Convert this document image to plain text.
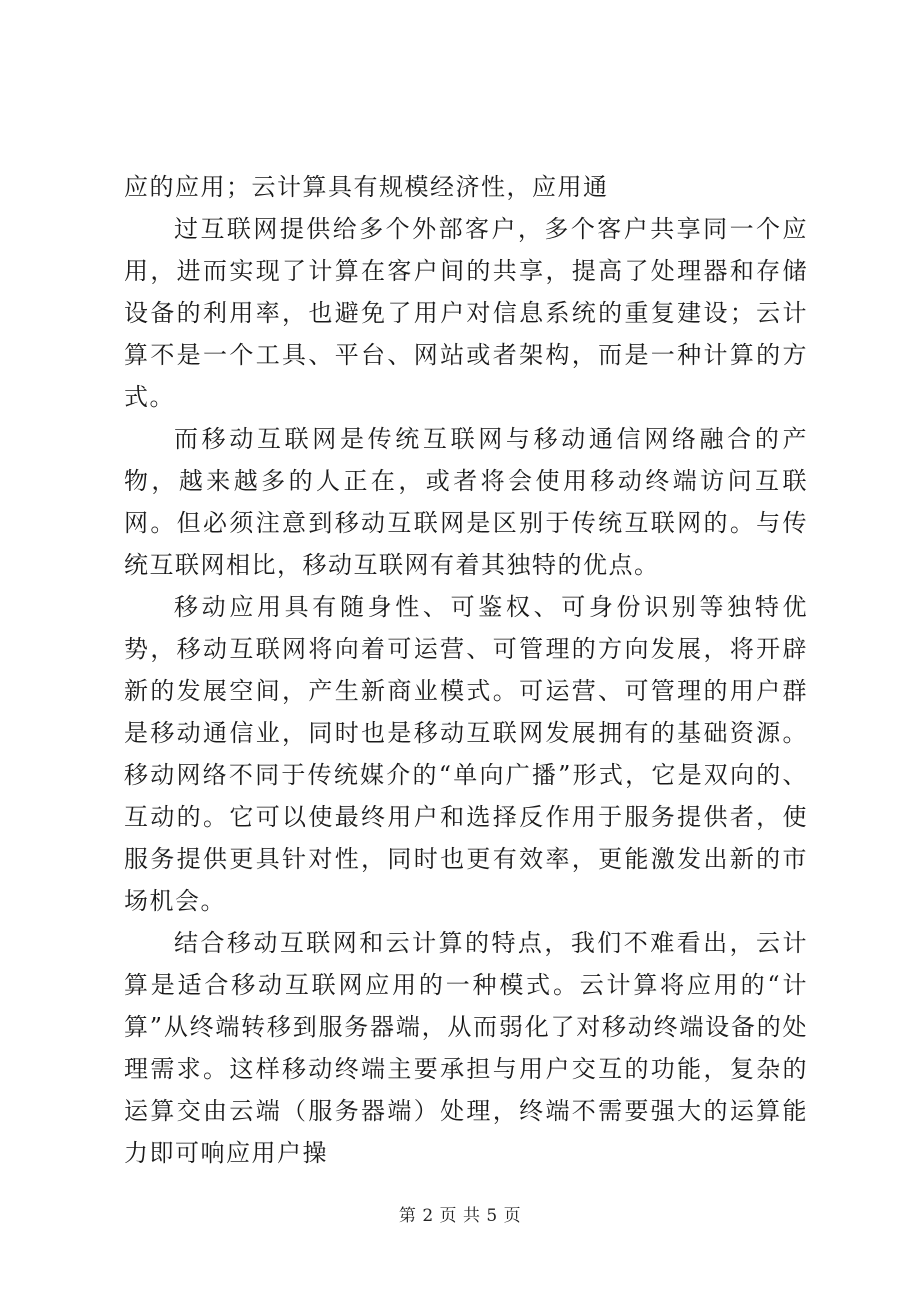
应的应用；云计算具有规模经济性，应用通

过互联网提供给多个外部客户，多个客户共享同一个应用，进而实现了计算在客户间的共享，提高了处理器和存储设备的利用率，也避免了用户对信息系统的重复建设；云计算不是一个工具、平台、网站或者架构，而是一种计算的方式。

而移动互联网是传统互联网与移动通信网络融合的产物，越来越多的人正在，或者将会使用移动终端访问互联网。但必须注意到移动互联网是区别于传统互联网的。与传统互联网相比，移动互联网有着其独特的优点。

移动应用具有随身性、可鉴权、可身份识别等独特优势，移动互联网将向着可运营、可管理的方向发展，将开辟新的发展空间，产生新商业模式。可运营、可管理的用户群是移动通信业，同时也是移动互联网发展拥有的基础资源。移动网络不同于传统媒介的“单向广播”形式，它是双向的、互动的。它可以使最终用户和选择反作用于服务提供者，使服务提供更具针对性，同时也更有效率，更能激发出新的市场机会。

结合移动互联网和云计算的特点，我们不难看出，云计算是适合移动互联网应用的一种模式。云计算将应用的“计算”从终端转移到服务器端，从而弱化了对移动终端设备的处理需求。这样移动终端主要承担与用户交互的功能，复杂的运算交由云端（服务器端）处理，终端不需要强大的运算能力即可响应用户操

第 2 页 共 5 页
